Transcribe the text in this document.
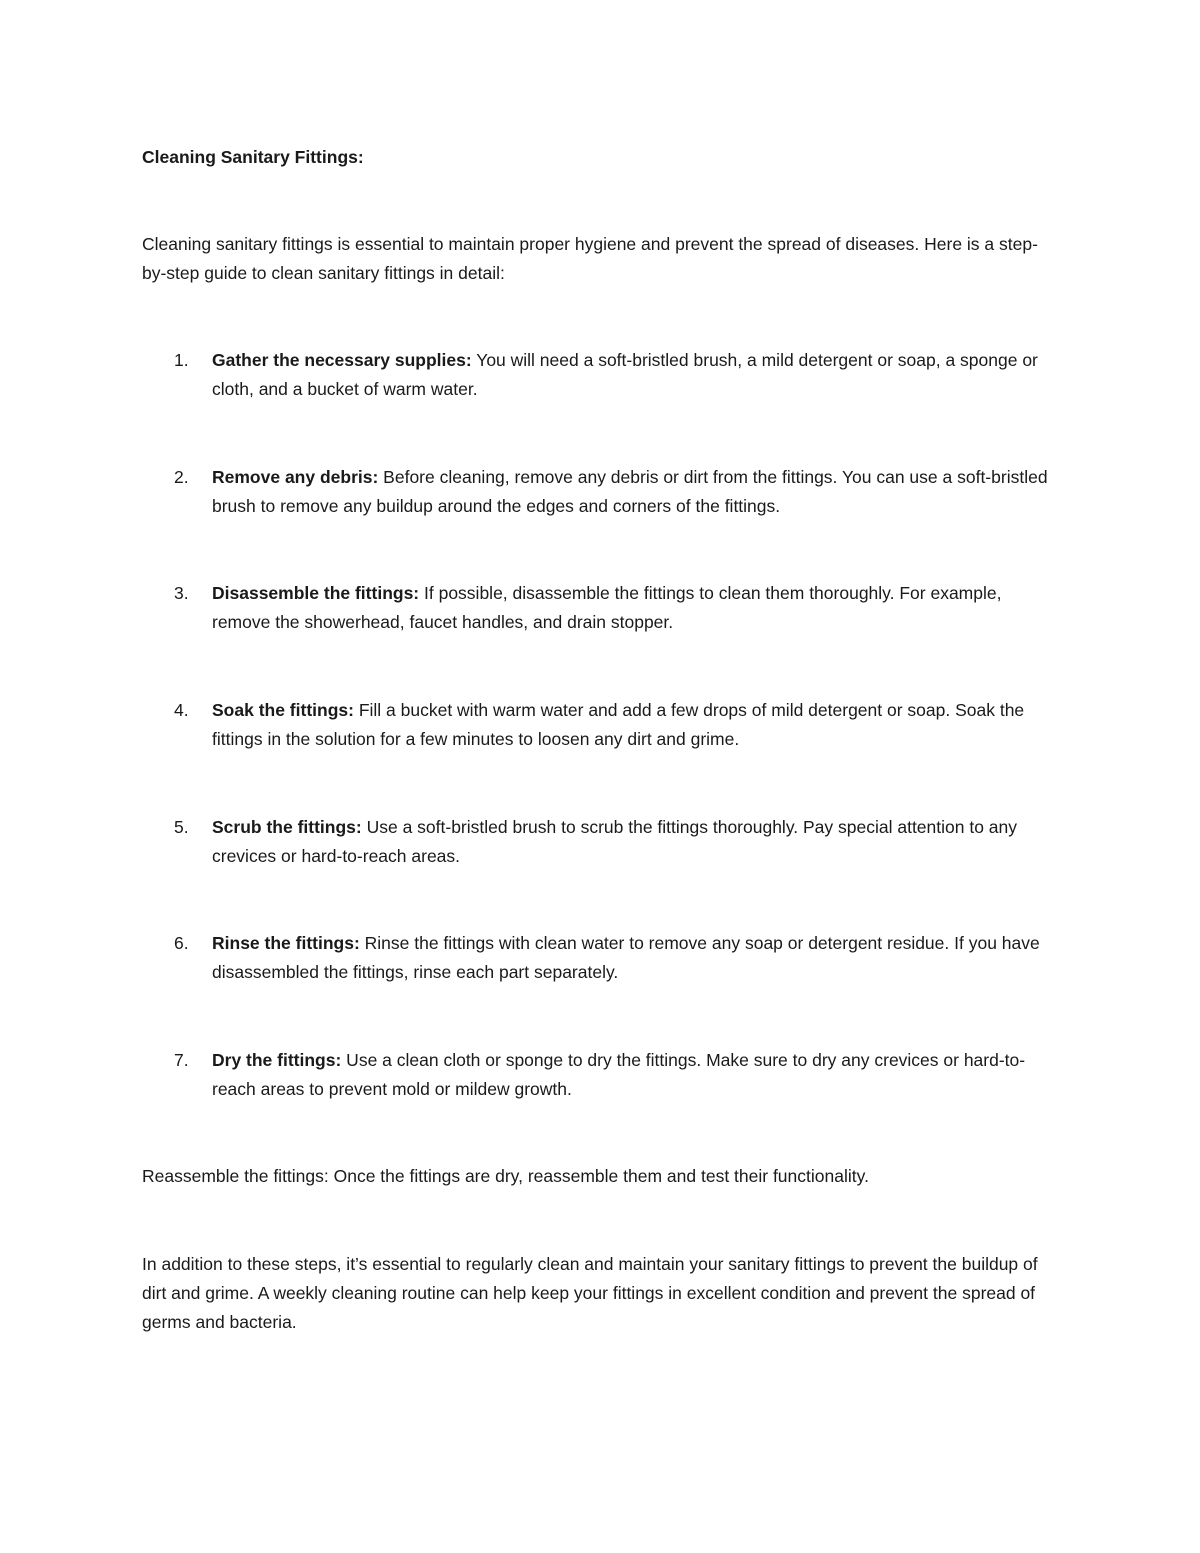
Cleaning Sanitary Fittings:

Cleaning sanitary fittings is essential to maintain proper hygiene and prevent the spread of diseases. Here is a step-by-step guide to clean sanitary fittings in detail:

1.	Gather the necessary supplies: You will need a soft-bristled brush, a mild detergent or soap, a sponge or cloth, and a bucket of warm water.

2.	Remove any debris: Before cleaning, remove any debris or dirt from the fittings. You can use a soft-bristled brush to remove any buildup around the edges and corners of the fittings.

3.	Disassemble the fittings: If possible, disassemble the fittings to clean them thoroughly. For example, remove the showerhead, faucet handles, and drain stopper.

4.	Soak the fittings: Fill a bucket with warm water and add a few drops of mild detergent or soap. Soak the fittings in the solution for a few minutes to loosen any dirt and grime.

5.	Scrub the fittings: Use a soft-bristled brush to scrub the fittings thoroughly. Pay special attention to any crevices or hard-to-reach areas.

6.	Rinse the fittings: Rinse the fittings with clean water to remove any soap or detergent residue. If you have disassembled the fittings, rinse each part separately.

7.	Dry the fittings: Use a clean cloth or sponge to dry the fittings. Make sure to dry any crevices or hard-to-reach areas to prevent mold or mildew growth.

Reassemble the fittings: Once the fittings are dry, reassemble them and test their functionality.

In addition to these steps, it’s essential to regularly clean and maintain your sanitary fittings to prevent the buildup of dirt and grime. A weekly cleaning routine can help keep your fittings in excellent condition and prevent the spread of germs and bacteria.
